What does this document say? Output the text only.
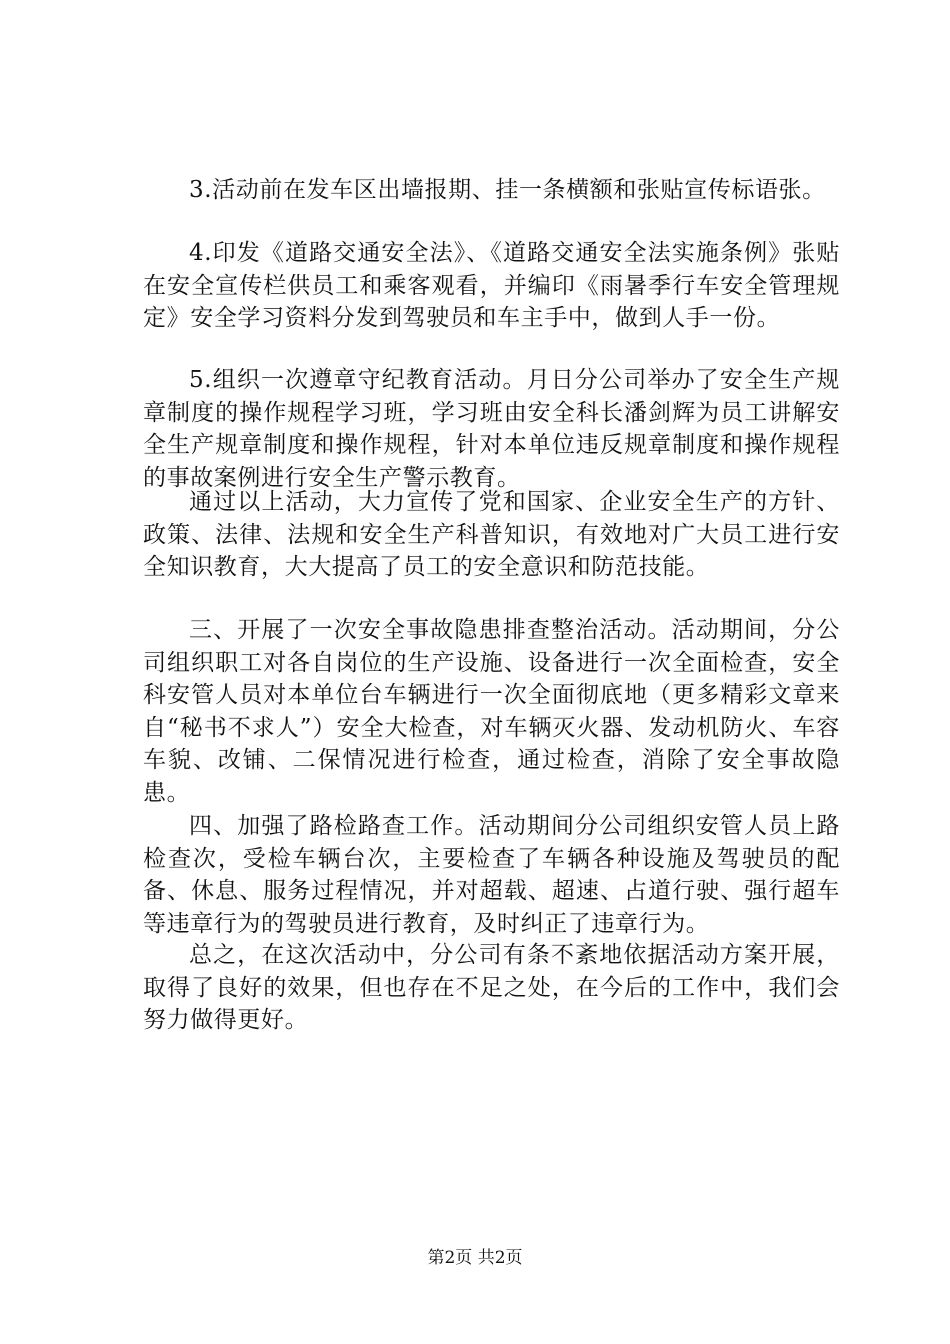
3.活动前在发车区出墙报期、挂一条横额和张贴宣传标语张。

4.印发《道路交通安全法》、《道路交通安全法实施条例》张贴在安全宣传栏供员工和乘客观看，并编印《雨暑季行车安全管理规定》安全学习资料分发到驾驶员和车主手中，做到人手一份。

5.组织一次遵章守纪教育活动。月日分公司举办了安全生产规章制度的操作规程学习班，学习班由安全科长潘剑辉为员工讲解安全生产规章制度和操作规程，针对本单位违反规章制度和操作规程的事故案例进行安全生产警示教育。

通过以上活动，大力宣传了党和国家、企业安全生产的方针、政策、法律、法规和安全生产科普知识，有效地对广大员工进行安全知识教育，大大提高了员工的安全意识和防范技能。

三、开展了一次安全事故隐患排查整治活动。活动期间，分公司组织职工对各自岗位的生产设施、设备进行一次全面检查，安全科安管人员对本单位台车辆进行一次全面彻底地（更多精彩文章来自“秘书不求人”）安全大检查，对车辆灭火器、发动机防火、车容车貌、改铺、二保情况进行检查，通过检查，消除了安全事故隐患。

四、加强了路检路查工作。活动期间分公司组织安管人员上路检查次，受检车辆台次，主要检查了车辆各种设施及驾驶员的配备、休息、服务过程情况，并对超载、超速、占道行驶、强行超车等违章行为的驾驶员进行教育，及时纠正了违章行为。

总之，在这次活动中，分公司有条不紊地依据活动方案开展，取得了良好的效果，但也存在不足之处，在今后的工作中，我们会努力做得更好。

第2页 共2页
